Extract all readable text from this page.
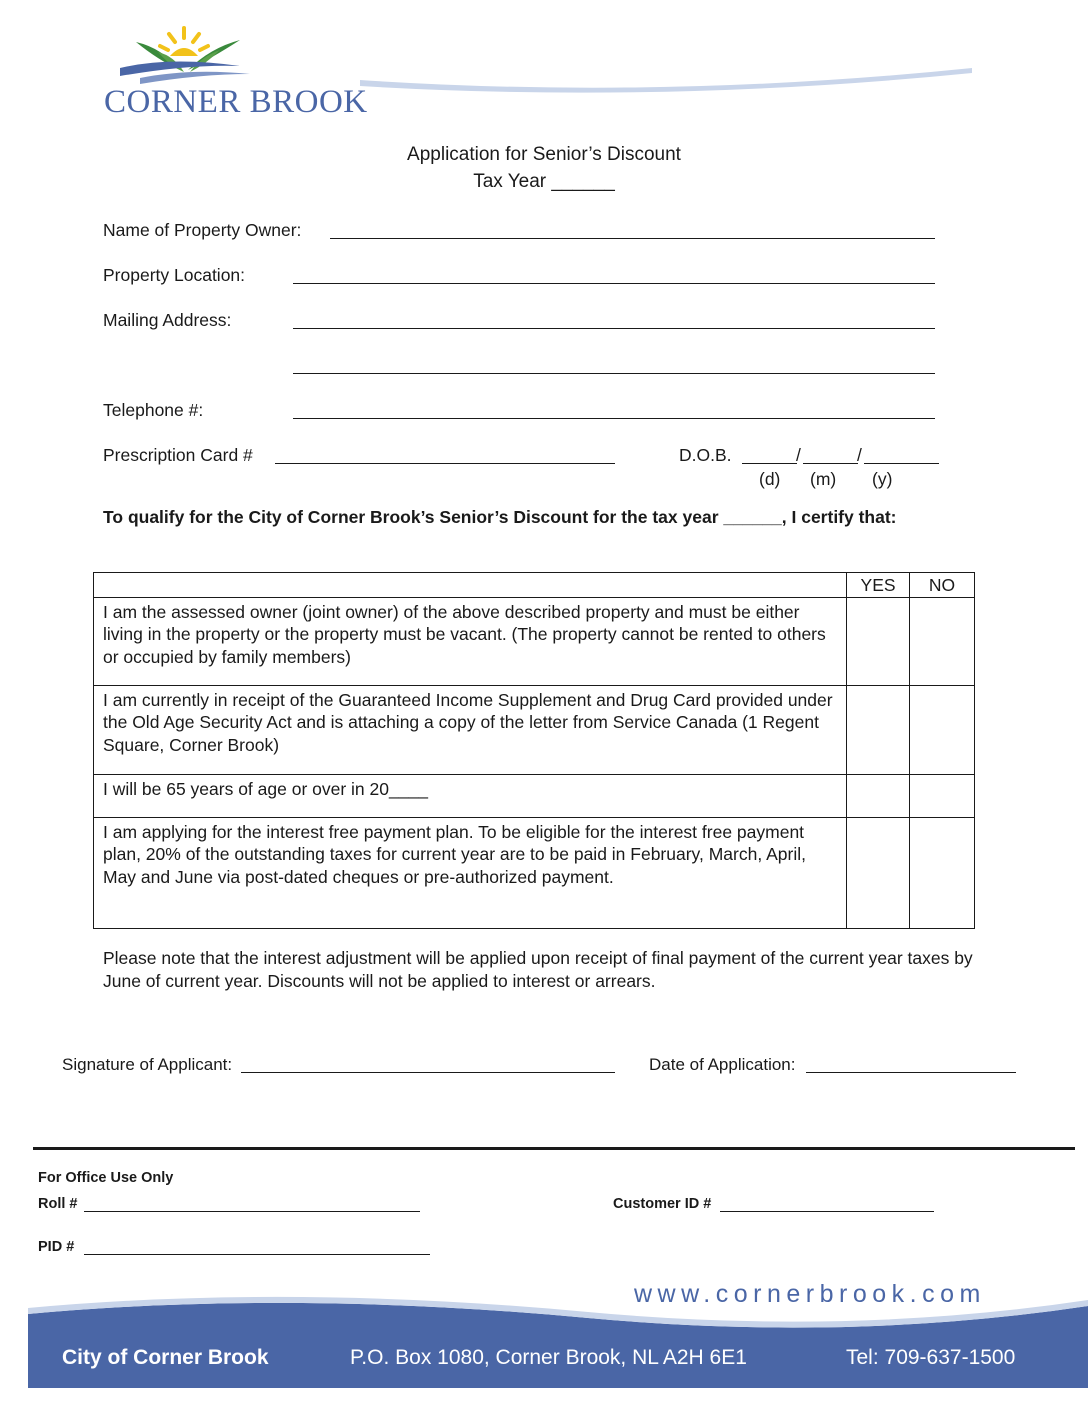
CORNER BROOK
Application for Senior’s Discount
Tax Year ______
Name of Property Owner:
Property Location:
Mailing Address:
Telephone #:
Prescription Card #	D.O.B.	/	/
(d) (m) (y)
To qualify for the City of Corner Brook’s Senior’s Discount for the tax year ______, I certify that:
	YES	NO
I am the assessed owner (joint owner) of the above described property and must be either living in the property or the property must be vacant. (The property cannot be rented to others or occupied by family members)		
I am currently in receipt of the Guaranteed Income Supplement and Drug Card provided under the Old Age Security Act and is attaching a copy of the letter from Service Canada (1 Regent Square, Corner Brook)		
I will be 65 years of age or over in 20____		
I am applying for the interest free payment plan. To be eligible for the interest free payment plan, 20% of the outstanding taxes for current year are to be paid in February, March, April, May and June via post-dated cheques or pre-authorized payment.		
Please note that the interest adjustment will be applied upon receipt of final payment of the current year taxes by June of current year. Discounts will not be applied to interest or arrears.
Signature of Applicant:	Date of Application:
For Office Use Only
Roll #	Customer ID #
PID #
www.cornerbrook.com
City of Corner Brook	P.O. Box 1080, Corner Brook, NL A2H 6E1	Tel: 709-637-1500
